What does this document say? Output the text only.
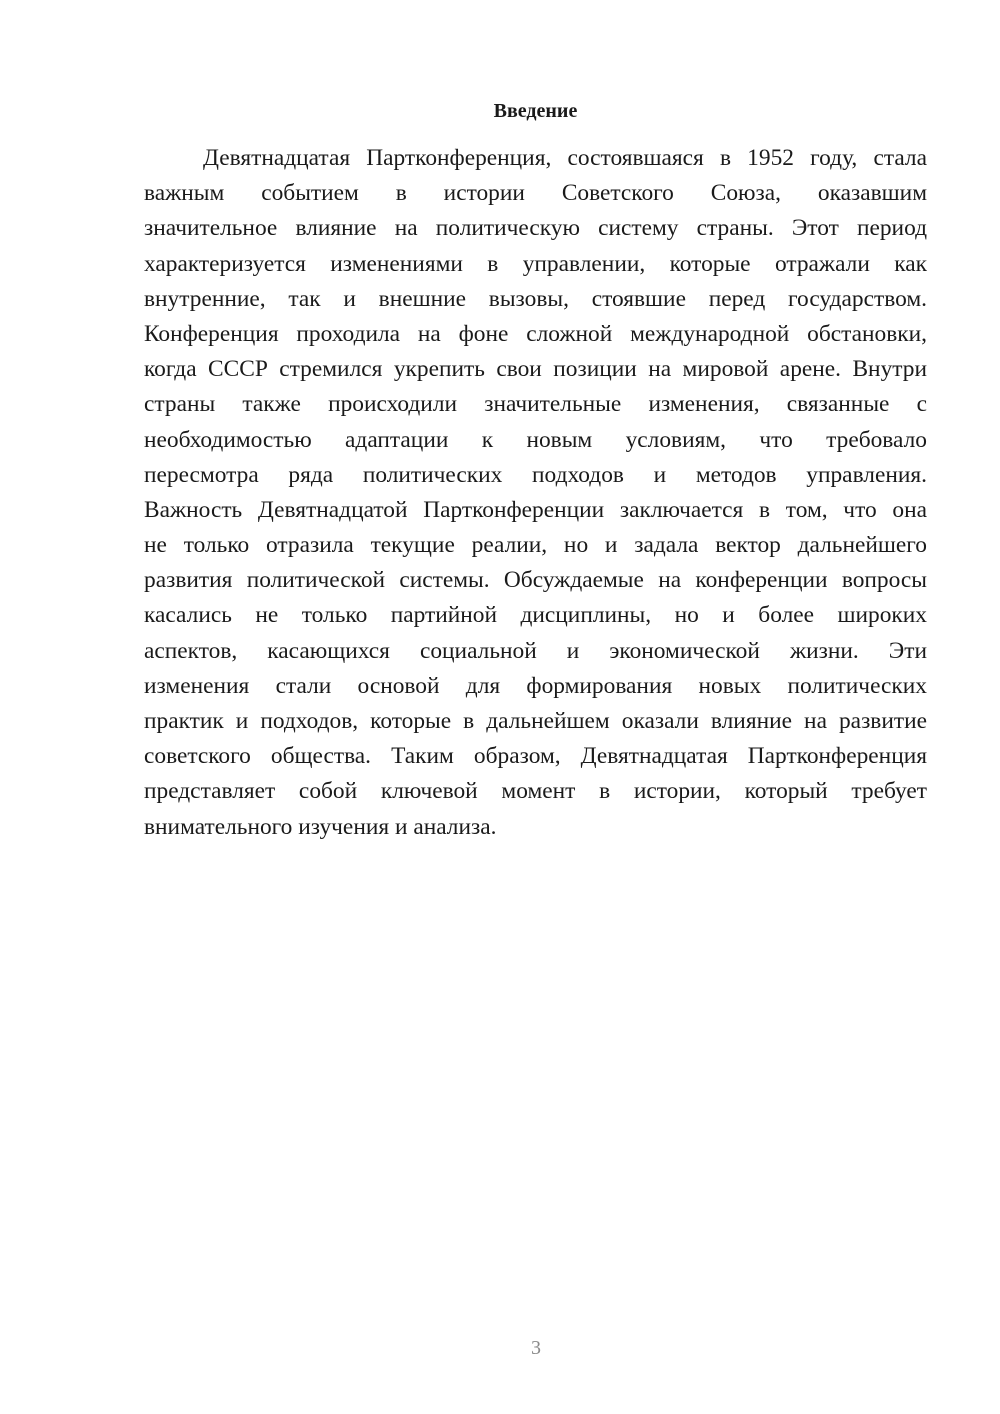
Введение
Девятнадцатая Партконференция, состоявшаяся в 1952 году, стала
важным событием в истории Советского Союза, оказавшим
значительное влияние на политическую систему страны. Этот период
характеризуется изменениями в управлении, которые отражали как
внутренние, так и внешние вызовы, стоявшие перед государством.
Конференция проходила на фоне сложной международной обстановки,
когда СССР стремился укрепить свои позиции на мировой арене. Внутри
страны также происходили значительные изменения, связанные с
необходимостью адаптации к новым условиям, что требовало
пересмотра ряда политических подходов и методов управления.
Важность Девятнадцатой Партконференции заключается в том, что она
не только отразила текущие реалии, но и задала вектор дальнейшего
развития политической системы. Обсуждаемые на конференции вопросы
касались не только партийной дисциплины, но и более широких
аспектов, касающихся социальной и экономической жизни. Эти
изменения стали основой для формирования новых политических
практик и подходов, которые в дальнейшем оказали влияние на развитие
советского общества. Таким образом, Девятнадцатая Партконференция
представляет собой ключевой момент в истории, который требует
внимательного изучения и анализа.
3
